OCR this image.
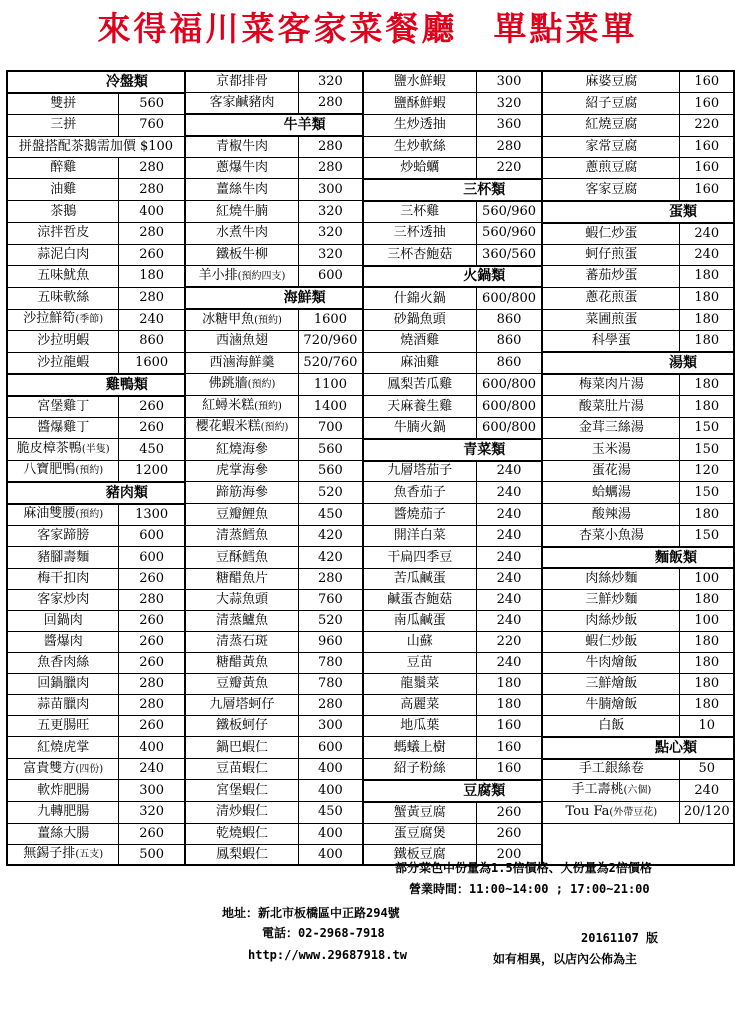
來得福川菜客家菜餐廳　單點菜單
冷盤類		京都排骨	320	鹽水鮮蝦	300	麻婆豆腐	160
雙拼	560	客家鹹豬肉	280	鹽酥鮮蝦	320	紹子豆腐	160
三拼	760	牛羊類		生炒透抽	360	紅燒豆腐	220
拼盤搭配茶鵝需加價 $100		青椒牛肉	280	生炒軟絲	280	家常豆腐	160
醉雞	280	蔥爆牛肉	280	炒蛤蠣	220	蔥煎豆腐	160
油雞	280	薑絲牛肉	300	三杯類		客家豆腐	160
茶鵝	400	紅燒牛腩	320	三杯雞	560/960	蛋類	
涼拌哲皮	280	水煮牛肉	320	三杯透抽	560/960	蝦仁炒蛋	240
蒜泥白肉	260	鐵板牛柳	320	三杯杏鮑菇	360/560	蚵仔煎蛋	240
五味魷魚	180	羊小排(預約四支)	600	火鍋類		蕃茄炒蛋	180
五味軟絲	280	海鮮類		什錦火鍋	600/800	蔥花煎蛋	180
沙拉鮮筍(季節)	240	冰糖甲魚(預約)	1600	砂鍋魚頭	860	菜圃煎蛋	180
沙拉明蝦	860	西滷魚翅	720/960	燒酒雞	860	科學蛋	180
沙拉龍蝦	1600	西滷海鮮羹	520/760	麻油雞	860	湯類	
雞鴨類		佛跳牆(預約)	1100	鳳梨苦瓜雞	600/800	梅菜肉片湯	180
宮堡雞丁	260	紅蟳米糕(預約)	1400	天麻養生雞	600/800	酸菜肚片湯	180
醬爆雞丁	260	櫻花蝦米糕(預約)	700	牛腩火鍋	600/800	金茸三絲湯	150
脆皮樟茶鴨(半隻)	450	紅燒海參	560	青菜類		玉米湯	150
八寶肥鴨(預約)	1200	虎掌海參	560	九層塔茄子	240	蛋花湯	120
豬肉類		蹄筋海參	520	魚香茄子	240	蛤蠣湯	150
麻油雙腰(預約)	1300	豆瓣鯉魚	450	醬燒茄子	240	酸辣湯	180
客家蹄膀	600	清蒸鱈魚	420	開洋白菜	240	杏菜小魚湯	150
豬腳壽麵	600	豆酥鱈魚	420	干扁四季豆	240	麵飯類	
梅干扣肉	260	糖醋魚片	280	苦瓜鹹蛋	240	肉絲炒麵	100
客家炒肉	280	大蒜魚頭	760	鹹蛋杏鮑菇	240	三鮮炒麵	180
回鍋肉	260	清蒸鱸魚	520	南瓜鹹蛋	240	肉絲炒飯	100
醬爆肉	260	清蒸石斑	960	山蘇	220	蝦仁炒飯	180
魚香肉絲	260	糖醋黃魚	780	豆苗	240	牛肉燴飯	180
回鍋臘肉	280	豆瓣黃魚	780	龍鬚菜	180	三鮮燴飯	180
蒜苗臘肉	280	九層塔蚵仔	280	高麗菜	180	牛腩燴飯	180
五更腸旺	260	鐵板蚵仔	300	地瓜葉	160	白飯	10
紅燒虎掌	400	鍋巴蝦仁	600	螞蟻上樹	160	點心類	
富貴雙方(四份)	240	豆苗蝦仁	400	紹子粉絲	160	手工銀絲卷	50
軟炸肥腸	300	宮堡蝦仁	400	豆腐類		手工壽桃(六個)	240
九轉肥腸	320	清炒蝦仁	450	蟹黃豆腐	260	Tou Fa(外帶豆花)	20/120
薑絲大腸	260	乾燒蝦仁	400	蛋豆腐煲	260		
無錫子排(五支)	500	鳳梨蝦仁	400	鐵板豆腐	200		
部分菜色中份量為1.5倍價格、大份量為2倍價格
營業時間：11:00~14:00 ; 17:00~21:00
地址：新北市板橋區中正路294號
電話：02-2968-7918
http://www.29687918.tw
20161107 版
如有相異，以店內公佈為主
